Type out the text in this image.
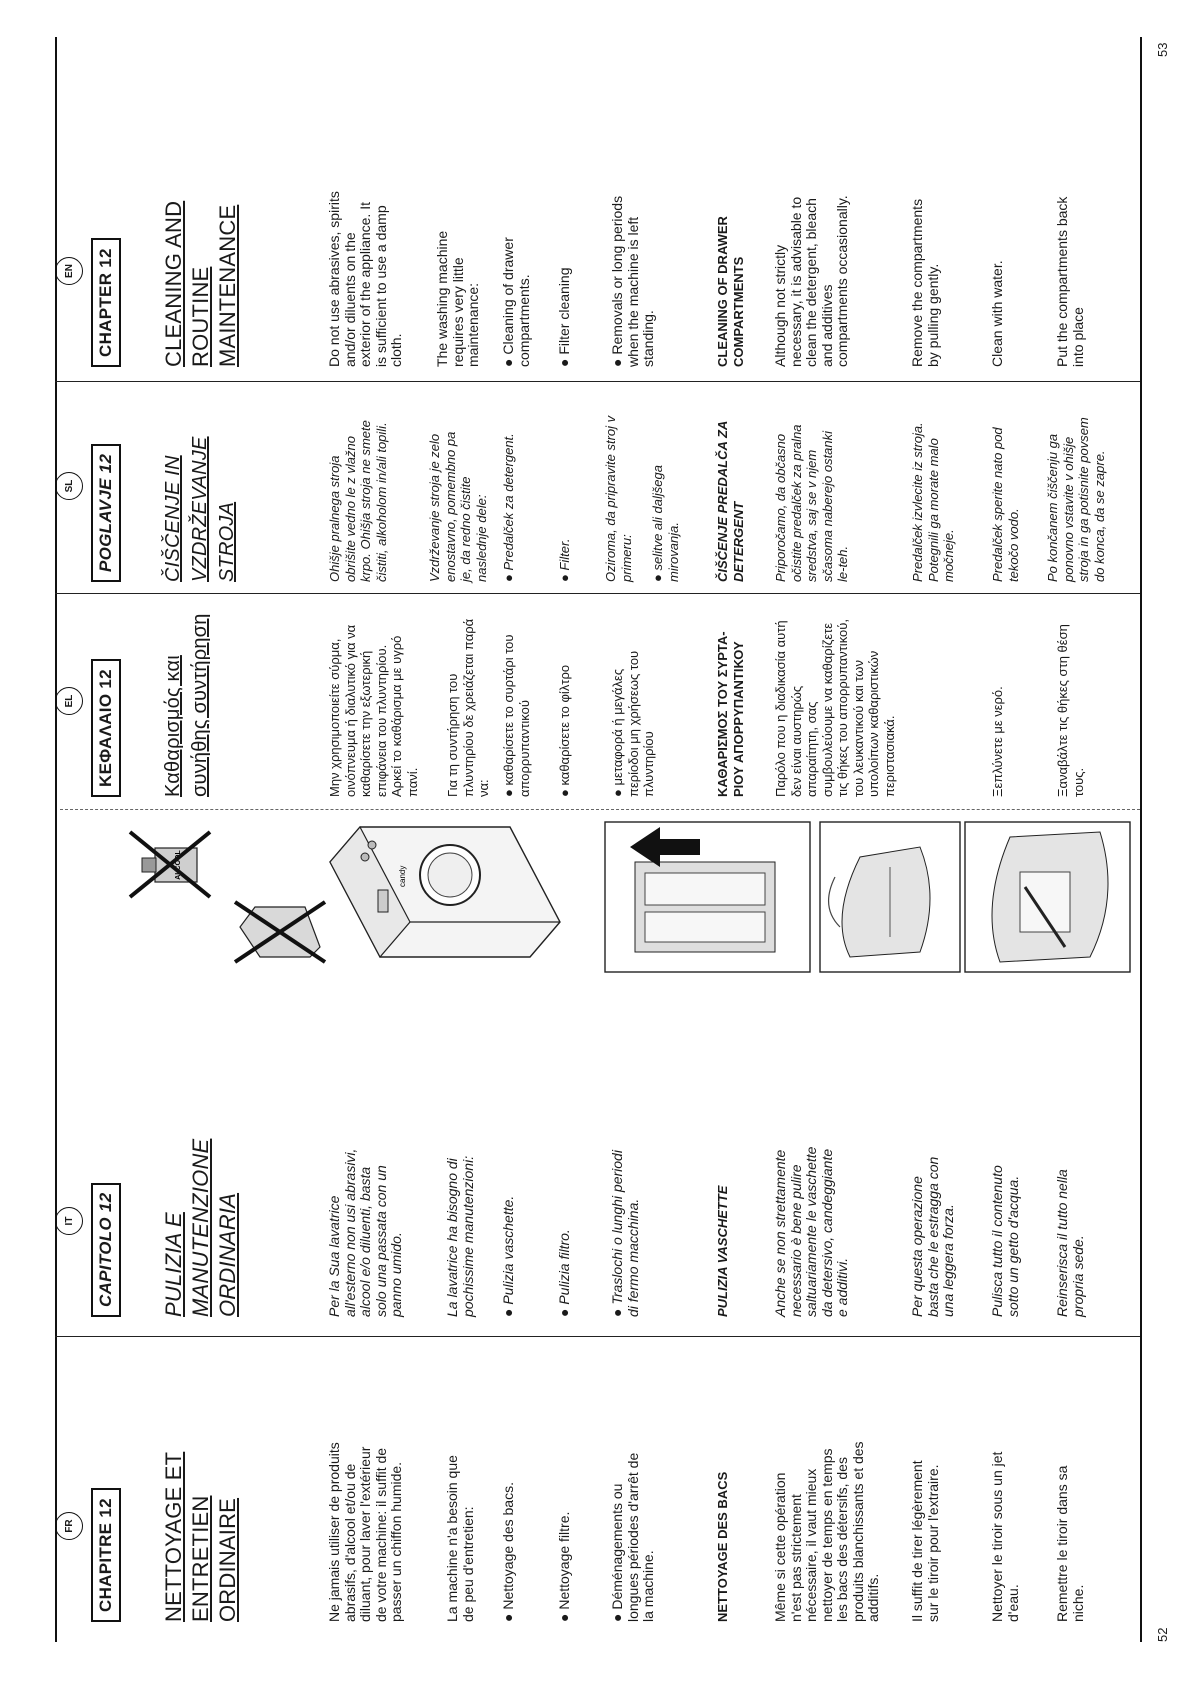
52
53
FR	CHAPITRE 12 NETTOYAGE ET
ENTRETIEN
ORDINAIRE	Ne jamais utiliser de produits
abrasifs, d'alcool et/ou de
diluant, pour laver l'extérieur
de votre machine: il suffit de
passer un chiffon humide.
La machine n'a besoin que
de peu d'entretien: ● Nettoyage des bacs.	● Nettoyage filtre.	● Déménagements ou
longues périodes d'arrêt de
la machine.	NETTOYAGE DES BACS	Même si cette opération
n'est pas strictement
nécessaire, il vaut mieux
nettoyer de temps en temps
les bacs des détersifs, des
produits blanchissants et des
additifs. Il suffit de tirer légèrement
sur le tiroir pour l'extraire.
Nettoyer le tiroir sous un jet
d'eau. Remettre le tiroir dans sa
niche.
IT	CAPITOLO 12 PULIZIA E
MANUTENZIONE
ORDINARIA	Per la Sua lavatrice
all'esterno non usi abrasivi,
alcool e/o diluenti, basta
solo una passata con un
panno umido.
La lavatrice ha bisogno di
pochissime manutenzioni: ● Pulizia vaschette.	● Pulizia filtro.	● Traslochi o lunghi periodi
di fermo macchina.	PULIZIA VASCHETTE	Anche se non strettamente
necessario è bene pulire
saltuariamente le vaschette
da detersivo, candeggiante
e additivi.
Per questa operazione
basta che le estragga con
una leggera forza.
Pulisca tutto il contenuto
sotto un getto d'acqua.
Reinserisca il tutto nella
propria sede.
ALCOOL	candy
EL	ΚΕΦΑΛΑΙΟ 12	Καθαρισμός και
συνήθης συντήρηση
Μην χρησιμοποιείτε σύρμα,
οινόπνευμα ή διαλυτικό για να
καθαρίσετε την εξωτερική
επιφάνεια του πλυντηρίου.
Αρκεί το καθάρισμα με υγρό
πανί. Για τη συντήρηση του
πλυντηρίου δε χρειάζεται παρά
να: ● καθαρίσετε το συρτάρι του
απορρυπαντικού ● καθαρίσετε το φίλτρο	● μεταφορά ή μεγάλες
περίοδοι μη χρήσεως του
πλυντηρίου	ΚΑΘΑΡΙΣΜΟΣ ΤΟΥ ΣΥΡΤΑ-
ΡΙΟΥ ΑΠΟΡΡΥΠΑΝΤΙΚΟΥ
Παρόλο που η διαδικασία αυτή
δεν είναι αυστηρώς
απαραίτητη, σας
συμβουλεύουμε να καθαρίζετε
τις θήκες του απορρυπαντικού,
του λευκαντικού και των
υπολοίπων καθαριστικών
περιστασιακά.	Ξεπλύνετε με νερό.	Ξαναβάλτε τις θήκες στη θέση
τους.
SL	POGLAVJE 12	ČIŠČENJE IN
VZDRŽEVANJE
STROJA	Ohišje pralnega stroja
obrišite vedno le z vlažno
krpo. Ohišja stroja ne smete
čistiti, alkoholom in/ali topili.
Vzdrževanje stroja je zelo
enostavno, pomembno pa
je, da redno čistite
naslednje dele: ● Predalček za detergent.	● Filter. Oziroma, da pripravite stroj v
primeru: ● selitve ali daljšega
mirovanja.	ČIŠČENJE PREDALČA ZA
DETERGENT Priporočamo, da občasno
očistite predalček za pralna
sredstva, saj se v njem
sčasoma naberejo ostanki
le-teh.	Predalček izvlecite iz stroja.
Potegnili ga morate malo
močneje.	Predalček sperite nato pod
tekočo vodo.
Po končanem čiščenju ga
ponovno vstavite v ohišje
stroja in ga potisnite povsem
do konca, da se zapre.
EN	CHAPTER 12 CLEANING AND
ROUTINE
MAINTENANCE	Do not use abrasives, spirits
and/or diluents on the
exterior of the appliance. It
is sufficient to use a damp
cloth. The washing machine
requires very little
maintenance: ● Cleaning of drawer
compartments. ● Filter cleaning	● Removals or long periods
when the machine is left
standing.	CLEANING OF DRAWER
COMPARTMENTS Although not strictly
necessary, it is advisable to
clean the detergent, bleach
and additives
compartments occasionally.
Remove the compartments
by pulling gently.	Clean with water.	Put the compartments back
into place
